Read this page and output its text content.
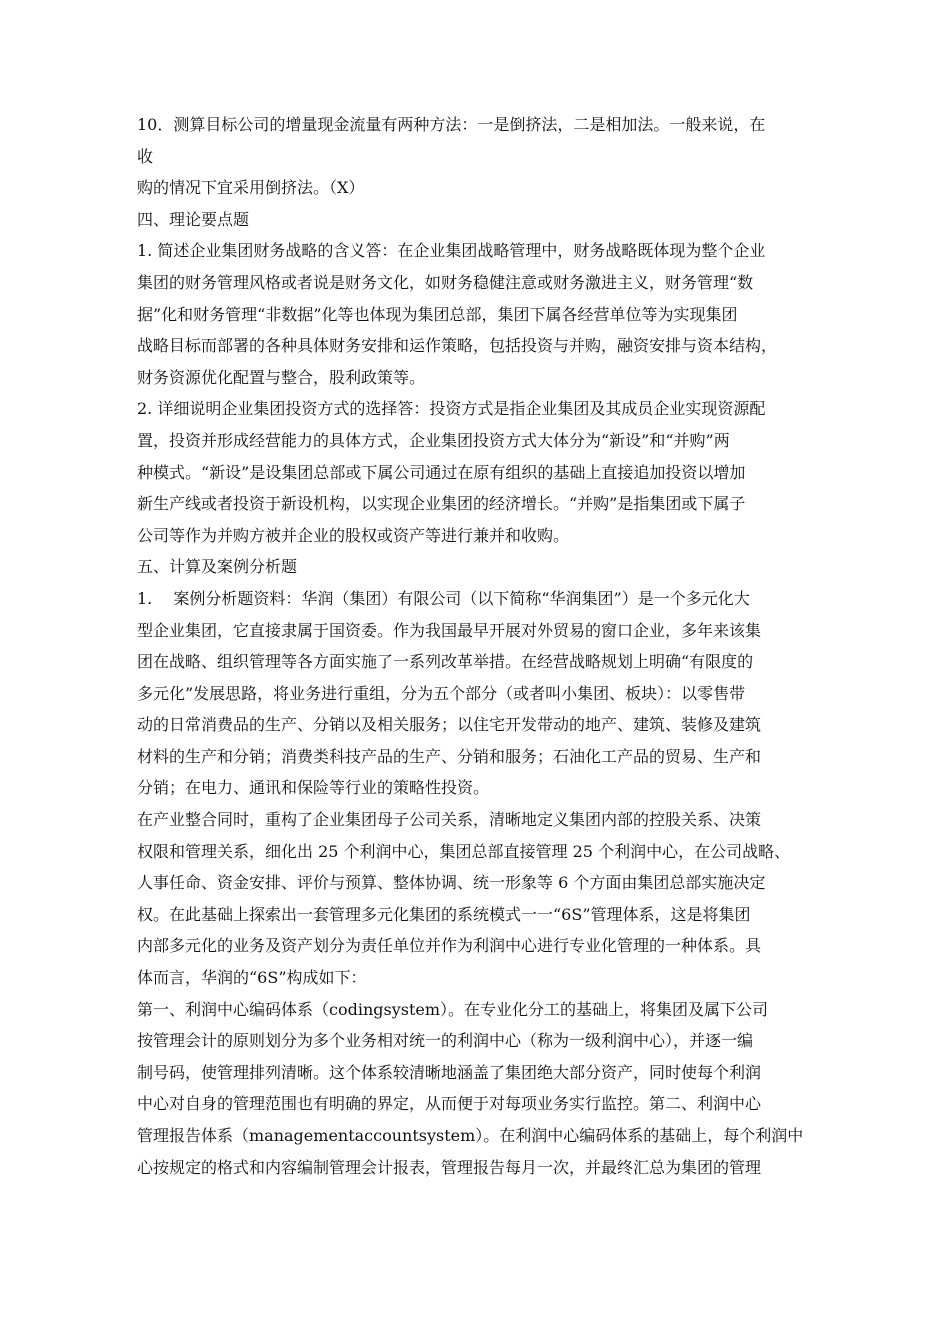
10．测算目标公司的增量现金流量有两种方法：一是倒挤法，二是相加法。一般来说，在
收
购的情况下宜采用倒挤法。（X）
四、理论要点题
1. 简述企业集团财务战略的含义答：在企业集团战略管理中，财务战略既体现为整个企业
集团的财务管理风格或者说是财务文化，如财务稳健注意或财务激进主义，财务管理“数
据”化和财务管理“非数据”化等也体现为集团总部，集团下属各经营单位等为实现集团
战略目标而部署的各种具体财务安排和运作策略，包括投资与并购，融资安排与资本结构，
财务资源优化配置与整合，股利政策等。
2. 详细说明企业集团投资方式的选择答：投资方式是指企业集团及其成员企业实现资源配
置，投资并形成经营能力的具体方式，企业集团投资方式大体分为“新设”和“并购”两
种模式。“新设”是设集团总部或下属公司通过在原有组织的基础上直接追加投资以增加
新生产线或者投资于新设机构，以实现企业集团的经济增长。“并购”是指集团或下属子
公司等作为并购方被并企业的股权或资产等进行兼并和收购。
五、计算及案例分析题
1.　 案例分析题资料：华润（集团）有限公司（以下简称“华润集团”）是一个多元化大
型企业集团，它直接隶属于国资委。作为我国最早开展对外贸易的窗口企业，多年来该集
团在战略、组织管理等各方面实施了一系列改革举措。在经营战略规划上明确“有限度的
多元化”发展思路，将业务进行重组，分为五个部分（或者叫小集团、板块）：以零售带
动的日常消费品的生产、分销以及相关服务；以住宅开发带动的地产、建筑、装修及建筑
材料的生产和分销；消费类科技产品的生产、分销和服务；石油化工产品的贸易、生产和
分销；在电力、通讯和保险等行业的策略性投资。
在产业整合同时，重构了企业集团母子公司关系，清晰地定义集团内部的控股关系、决策
权限和管理关系，细化出 25 个利润中心，集团总部直接管理 25 个利润中心，在公司战略、
人事任命、资金安排、评价与预算、整体协调、统一形象等 6 个方面由集团总部实施决定
权。在此基础上探索出一套管理多元化集团的系统模式一一“6S”管理体系，这是将集团
内部多元化的业务及资产划分为责任单位并作为利润中心进行专业化管理的一种体系。具
体而言，华润的“6S”构成如下：
第一、利润中心编码体系（codingsystem）。在专业化分工的基础上，将集团及属下公司
按管理会计的原则划分为多个业务相对统一的利润中心（称为一级利润中心），并逐一编
制号码，使管理排列清晰。这个体系较清晰地涵盖了集团绝大部分资产，同时使每个利润
中心对自身的管理范围也有明确的界定，从而便于对每项业务实行监控。第二、利润中心
管理报告体系（managementaccountsystem）。在利润中心编码体系的基础上，每个利润中
心按规定的格式和内容编制管理会计报表，管理报告每月一次，并最终汇总为集团的管理
